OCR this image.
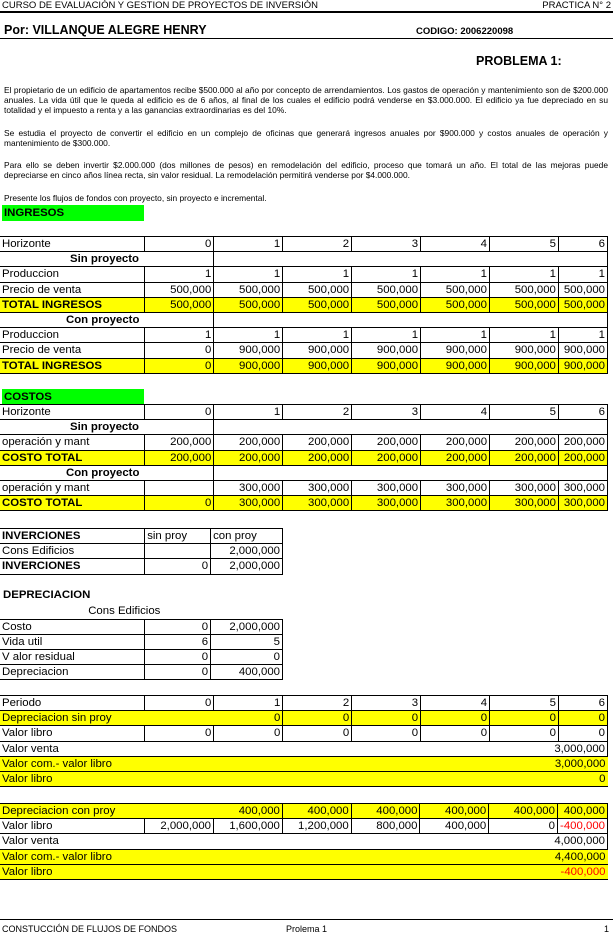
CURSO DE EVALUACIÓN Y GESTION DE PROYECTOS DE INVERSIÓN	PRACTICA N° 2
Por: VILLANQUE ALEGRE HENRY	CODIGO: 2006220098
PROBLEMA 1:
El propietario de un edificio de apartamentos recibe $500.000 al año por concepto de arrendamientos. Los gastos de operación y mantenimiento son de $200.000 anuales. La vida útil que le queda al edificio es de 6 años, al final de los cuales el edificio podrá venderse en $3.000.000. El edificio ya fue depreciado en su totalidad y el impuesto a renta y a las ganancias extraordinarias es del 10%.
Se estudia el proyecto de convertir el edificio en un complejo de oficinas que generará ingresos anuales por $900.000 y costos anuales de operación y mantenimiento de $300.000.
Para ello se deben invertir $2.000.000 (dos millones de pesos) en remodelación del edificio, proceso que tomará un año. El total de las mejoras puede depreciarse en cinco años línea recta, sin valor residual. La remodelación permitirá venderse por $4.000.000.
Presente los flujos de fondos con proyecto, sin proyecto e incremental.
INGRESOS
Horizonte	0	1	2	3	4	5	6
Sin proyecto							
Produccion	1	1	1	1	1	1	1
Precio de venta	500,000	500,000	500,000	500,000	500,000	500,000	500,000
TOTAL INGRESOS	500,000	500,000	500,000	500,000	500,000	500,000	500,000
Con proyecto							
Produccion	1	1	1	1	1	1	1
Precio de venta	0	900,000	900,000	900,000	900,000	900,000	900,000
TOTAL INGRESOS	0	900,000	900,000	900,000	900,000	900,000	900,000
COSTOS
Horizonte	0	1	2	3	4	5	6
Sin proyecto							
operación y mant	200,000	200,000	200,000	200,000	200,000	200,000	200,000
COSTO TOTAL	200,000	200,000	200,000	200,000	200,000	200,000	200,000
Con proyecto							
operación y mant		300,000	300,000	300,000	300,000	300,000	300,000
COSTO TOTAL	0	300,000	300,000	300,000	300,000	300,000	300,000
INVERCIONES	sin proy	con proy
Cons Edificios		2,000,000
INVERCIONES	0	2,000,000
DEPRECIACION
Cons Edificios		
Costo	0	2,000,000
Vida util	6	5
V alor residual	0	0
Depreciacion	0	400,000
Periodo	0	1	2	3	4	5	6
Depreciacion sin proy		0	0	0	0	0	0
Valor libro	0	0	0	0	0	0	0
Valor venta	3,000,000						
Valor com.- valor libro	3,000,000						
Valor libro	0						
Depreciacion con proy		400,000	400,000	400,000	400,000	400,000	400,000
Valor libro	2,000,000	1,600,000	1,200,000	800,000	400,000	0	-400,000
Valor venta	4,000,000						
Valor com.- valor libro	4,400,000						
Valor libro	-400,000						
CONSTUCCIÓN DE FLUJOS DE FONDOS	Prolema 1	1
